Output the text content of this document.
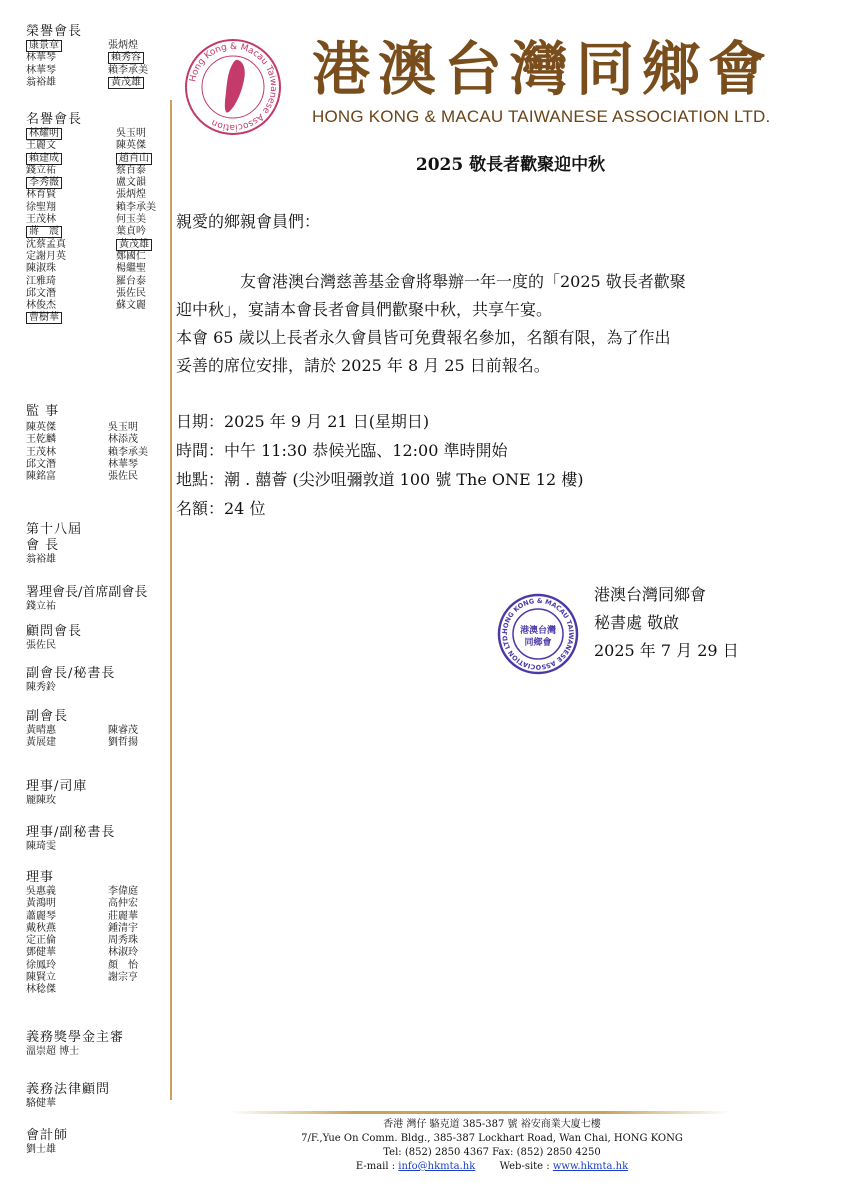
榮譽會長
康景章	張炳煌
林華琴	賴秀容
林華琴	賴李承美
翁裕雄	黃茂雄
名譽會長
林耀明	吳玉明
王麗文	陳英傑
賴建成	趙肖山
錢立祐	蔡百泰
李秀嶶	盧文韻
林育賢	張炳煌
徐聖翔	賴李承美
王茂林	何玉美
蔣　震	葉貞吟
沈蔡孟真	黃茂雄
定謝月英	鄭國仁
陳淑珠	楊繼聖
江雅琦	羅台泰
邱文潛	張佐民
林俊杰	蘇文麗
曹樹華
監 事
陳英傑	吳玉明
王乾麟	林添茂
王茂林	賴李承美
邱文潛	林華琴
陳銘富	張佐民
第十八屆
會 長
翁裕雄
署理會長/首席副會長
錢立祐
顧問會長
張佐民
副會長/秘書長
陳秀鈴
副會長
黃晴惠	陳睿茂
黃展建	劉哲揚
理事/司庫
龎陳玫
理事/副秘書長
陳琦雯
理事
吳惠義	李偉庭
黃鴻明	高仲宏
蕭麗琴	莊麗華
戴秋燕	鍾清宇
定正倫	周秀珠
鄧健華	林淑玲
徐鳳玲	顏　怡
陳賢立	謝宗亨
林稔傑
義務獎學金主審
溫崇超 博士
義務法律顧問
駱健華
會計師
劉士雄
Hong Kong & Macau Taiwanese Association
港澳台灣同鄉會
HONG KONG & MACAU TAIWANESE ASSOCIATION LTD.
2025 敬長者歡聚迎中秋
親愛的鄉親會員們：
友會港澳台灣慈善基金會將舉辦一年一度的「2025 敬長者歡聚
迎中秋」，宴請本會長者會員們歡聚中秋，共享午宴。
本會 65 歲以上長者永久會員皆可免費報名參加，名額有限，為了作出
妥善的席位安排，請於 2025 年 8 月 25 日前報名。
日期：2025 年 9 月 21 日(星期日)
時間：中午 11:30 恭候光臨、12:00 準時開始
地點：潮 . 囍薈 (尖沙咀彌敦道 100 號 The ONE 12 樓)
名額：24 位
HONG KONG & MACAU TAIWANESE ASSOCIATION LTD.	港澳台灣
同鄉會
港澳台灣同鄉會
秘書處 敬啟
2025 年 7 月 29 日
香港 灣仔 駱克道 385-387 號 裕安商業大廈七樓
7/F.,Yue On Comm. Bldg., 385-387 Lockhart Road, Wan Chai, HONG KONG
Tel: (852) 2850 4367 Fax: (852) 2850 4250
E-mail : info@hkmta.hk Web-site : www.hkmta.hk
